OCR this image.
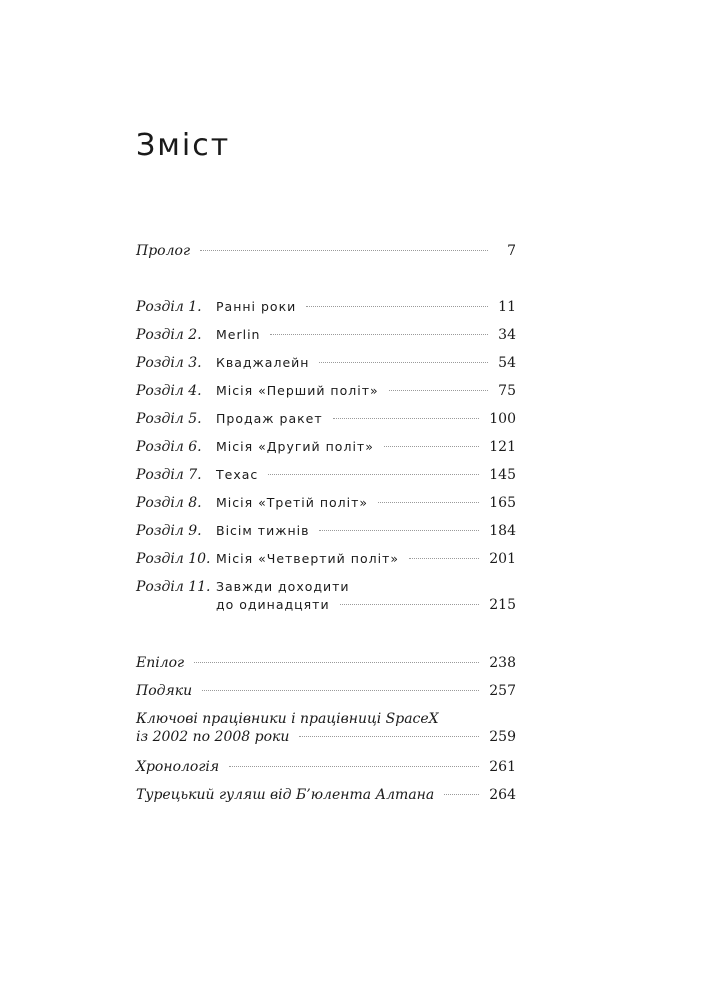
Зміст
Пролог	7
Розділ 1.	Ранні роки	11
Розділ 2.	Merlin	34
Розділ 3.	Кваджалейн	54
Розділ 4.	Місія «Перший політ»	75
Розділ 5.	Продаж ракет	100
Розділ 6.	Місія «Другий політ»	121
Розділ 7.	Техас	145
Розділ 8.	Місія «Третій політ»	165
Розділ 9.	Вісім тижнів	184
Розділ 10. Місія «Четвертий політ»	201
Розділ 11. Завжди доходити
до одинадцяти	215
Епілог	238
Подяки	257
Ключові працівники і працівниці SpaceX
із 2002 по 2008 роки	259
Хронологія	261
Турецький гуляш від Б’юлента Алтана	264
